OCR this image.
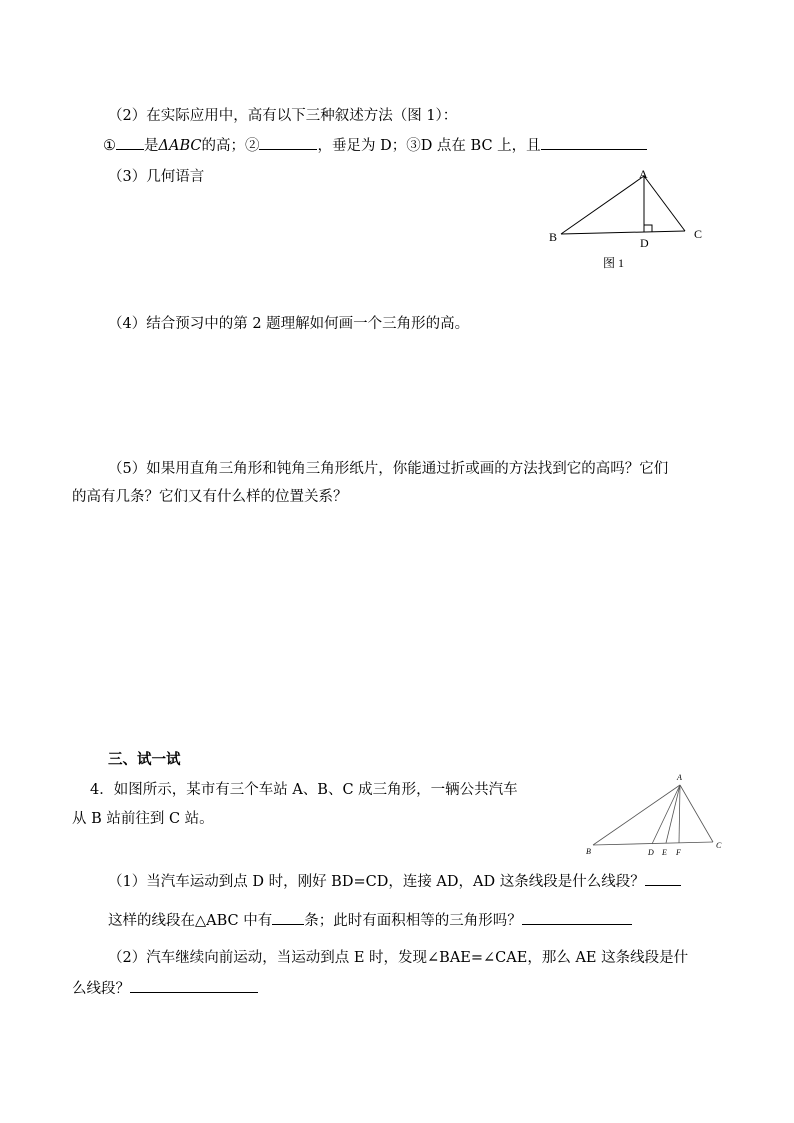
（2）在实际应用中，高有以下三种叙述方法（图 1）：
① 是ΔABC的高；②	，垂足为 D；③D 点在 BC 上，且
（3）几何语言	A
B	C
D
图 1
（4）结合预习中的第 2 题理解如何画一个三角形的高。
（5）如果用直角三角形和钝角三角形纸片，你能通过折或画的方法找到它的高吗？它们
的高有几条？它们又有什么样的位置关系？
三、试一试
4．如图所示，某市有三个车站 A、B、C 成三角形，一辆公共汽车
从 B 站前往到 C 站。
A
B
C
D E F
（1）当汽车运动到点 D 时，刚好 BD=CD，连接 AD，AD 这条线段是什么线段？
这样的线段在△ABC 中有 条；此时有面积相等的三角形吗？
（2）汽车继续向前运动，当运动到点 E 时，发现∠BAE=∠CAE，那么 AE 这条线段是什
么线段？
